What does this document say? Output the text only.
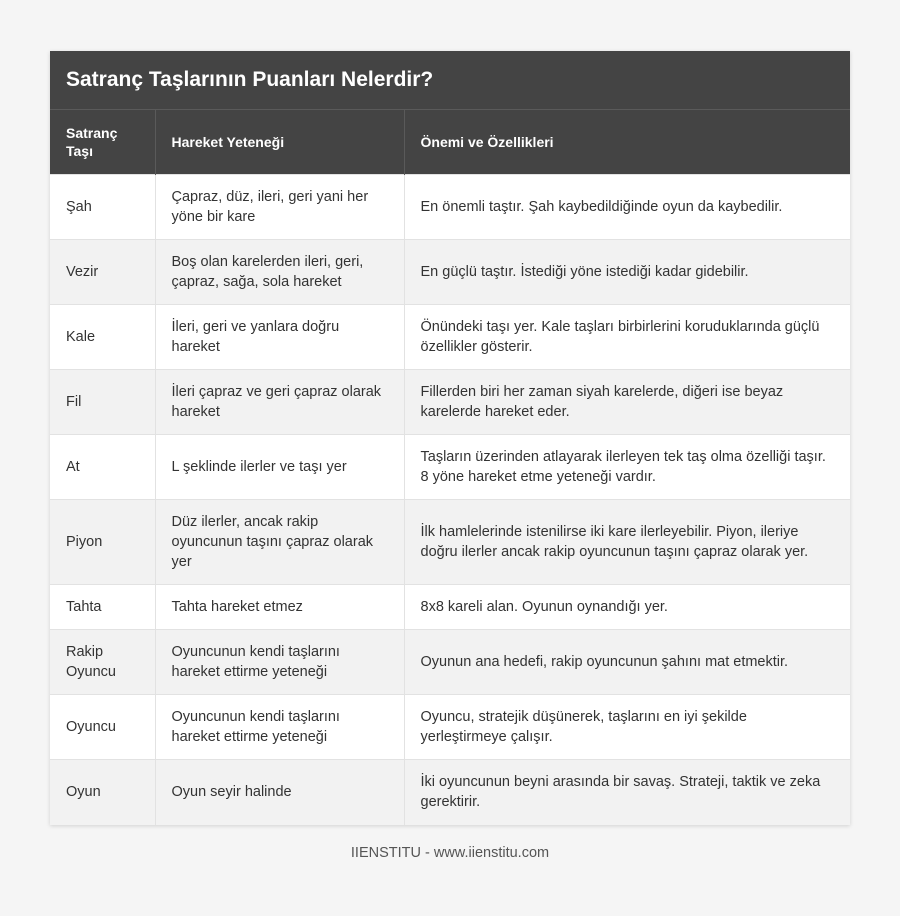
Satranç Taşlarının Puanları Nelerdir?
Satranç Taşı	Hareket Yeteneği	Önemi ve Özellikleri
Şah	Çapraz, düz, ileri, geri yani her yöne bir kare	En önemli taştır. Şah kaybedildiğinde oyun da kaybedilir.
Vezir	Boş olan karelerden ileri, geri, çapraz, sağa, sola hareket	En güçlü taştır. İstediği yöne istediği kadar gidebilir.
Kale	İleri, geri ve yanlara doğru hareket	Önündeki taşı yer. Kale taşları birbirlerini koruduklarında güçlü özellikler gösterir.
Fil	İleri çapraz ve geri çapraz olarak hareket	Fillerden biri her zaman siyah karelerde, diğeri ise beyaz karelerde hareket eder.
At	L şeklinde ilerler ve taşı yer	Taşların üzerinden atlayarak ilerleyen tek taş olma özelliği taşır. 8 yöne hareket etme yeteneği vardır.
Piyon	Düz ilerler, ancak rakip oyuncunun taşını çapraz olarak yer	İlk hamlelerinde istenilirse iki kare ilerleyebilir. Piyon, ileriye doğru ilerler ancak rakip oyuncunun taşını çapraz olarak yer.
Tahta	Tahta hareket etmez	8x8 kareli alan. Oyunun oynandığı yer.
Rakip Oyuncu	Oyuncunun kendi taşlarını hareket ettirme yeteneği	Oyunun ana hedefi, rakip oyuncunun şahını mat etmektir.
Oyuncu	Oyuncunun kendi taşlarını hareket ettirme yeteneği	Oyuncu, stratejik düşünerek, taşlarını en iyi şekilde yerleştirmeye çalışır.
Oyun	Oyun seyir halinde	İki oyuncunun beyni arasında bir savaş. Strateji, taktik ve zeka gerektirir.
IIENSTITU - www.iienstitu.com
